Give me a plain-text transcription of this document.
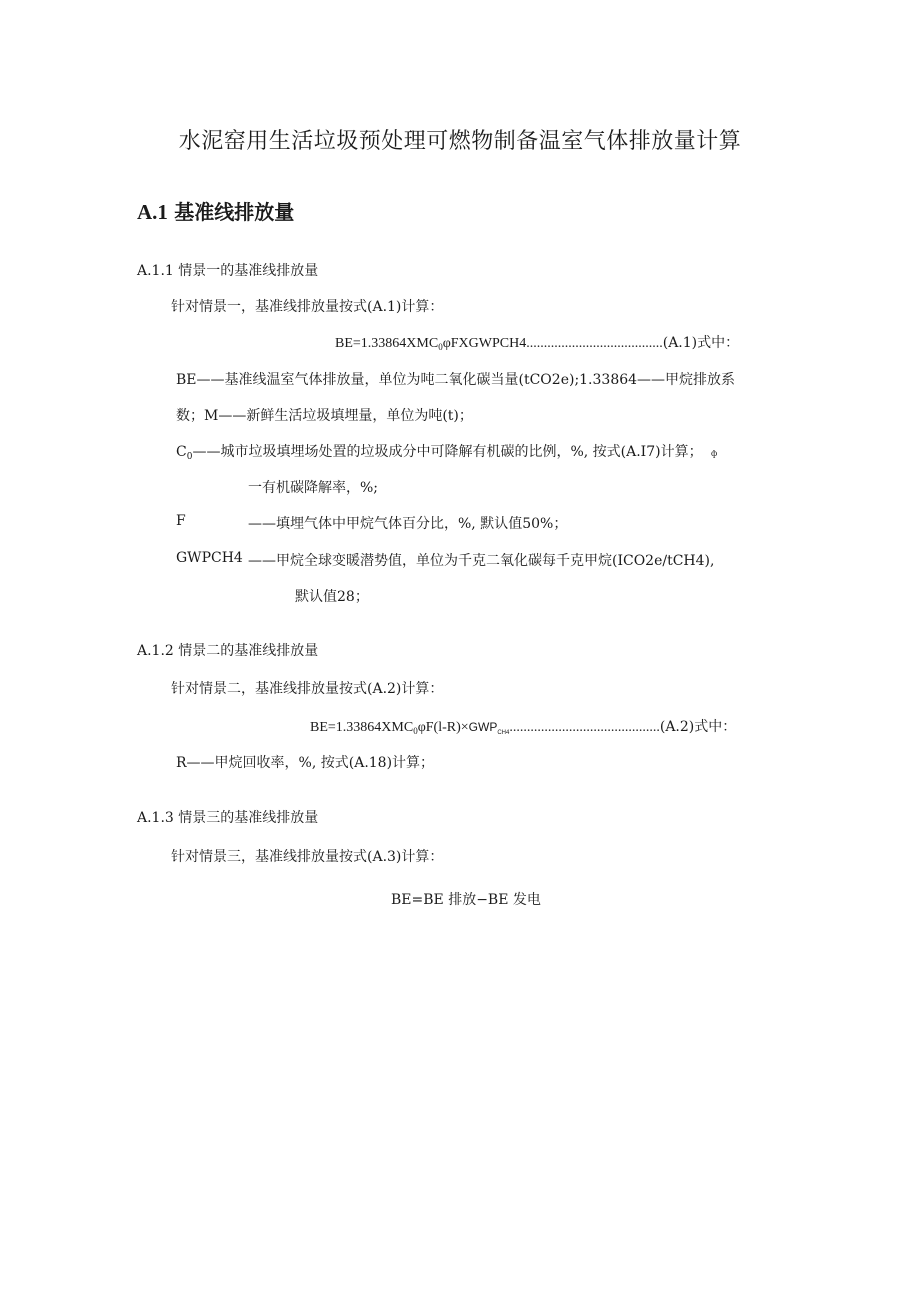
水泥窑用生活垃圾预处理可燃物制备温室气体排放量计算
A.1 基准线排放量
A.1.1 情景一的基准线排放量
针对情景一，基准线排放量按式(A.1)计算：
$BE=1.33864XMC_0\varphi FXGWPCH4.......................................(A.1)$式中：
BE——基准线温室气体排放量，单位为吨二氧化碳当量(tCO2e);1.33864——甲烷排放系
数；M——新鲜生活垃圾填埋量，单位为吨(t)；
$C_0——$城市垃圾填埋场处置的垃圾成分中可降解有机碳的比例，%, 按式(A.I7)计算； ф
一有机碳降解率，%;
F	——填埋气体中甲烷气体百分比，%, 默认值50%；
GWPCH4 ——甲烷全球变暖潜势值，单位为千克二氧化碳每千克甲烷(ICO2e∕tCH4),
默认值28；
A.1.2 情景二的基准线排放量
针对情景二，基准线排放量按式(A.2)计算：
$BE=1.33864XMC_0\varphi F(l-R)\times GWP_{CH4}...........................................(A.2)$式中：
R——甲烷回收率，%, 按式(A.18)计算；
A.1.3 情景三的基准线排放量
针对情景三，基准线排放量按式(A.3)计算：
BE=BE 排放−BE 发电
